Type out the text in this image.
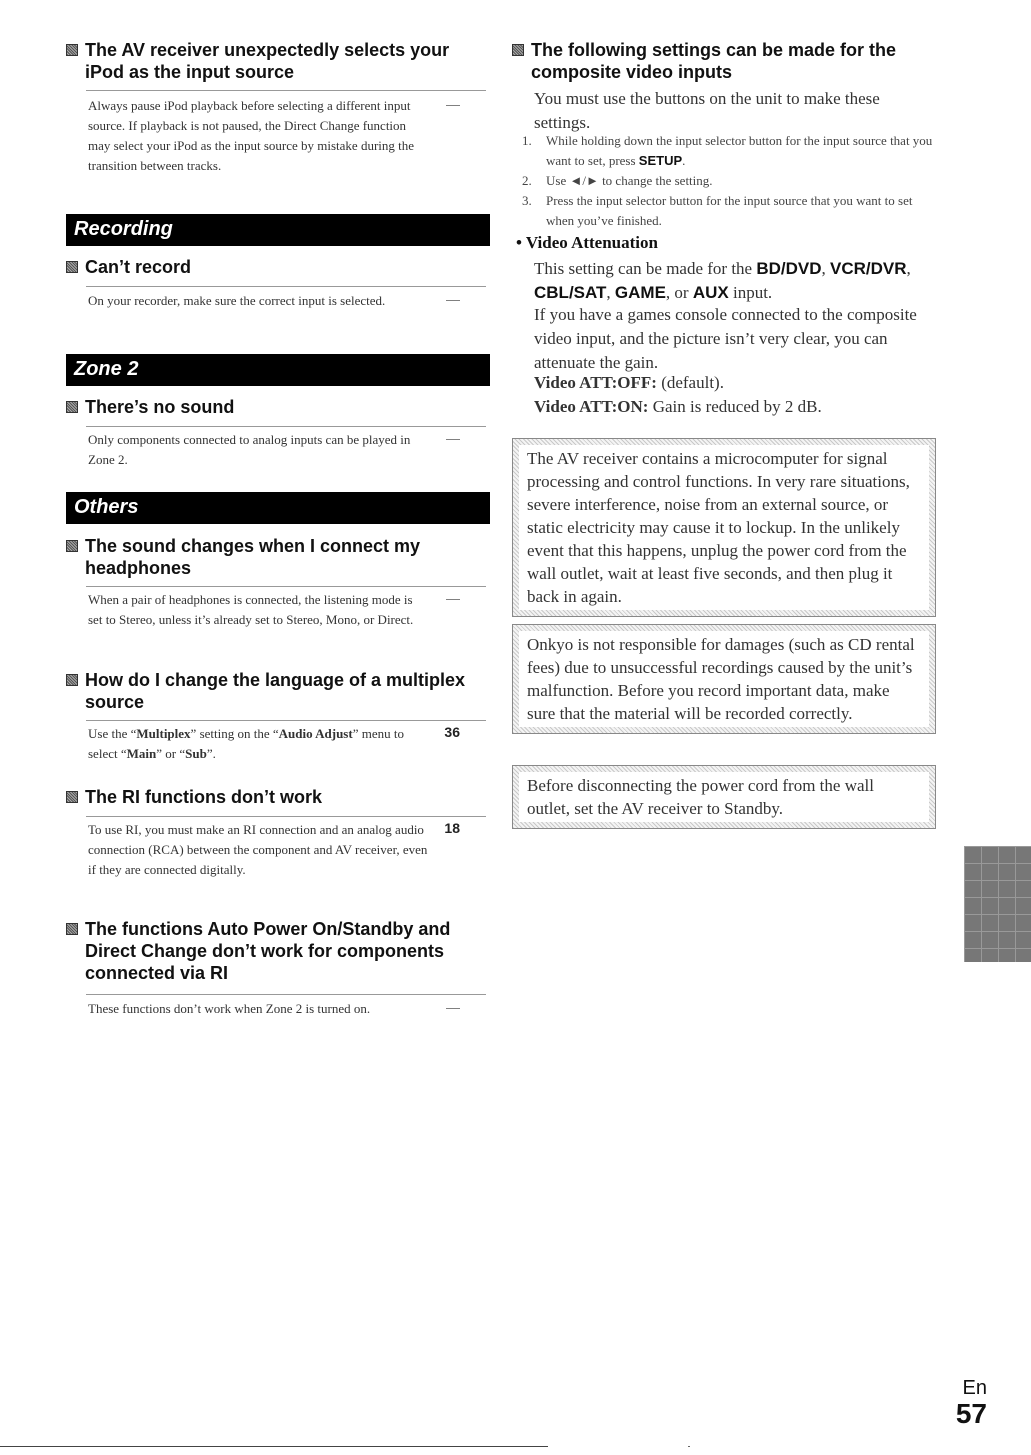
The AV receiver unexpectedly selects your iPod as the input source
Always pause iPod playback before selecting a different input source. If playback is not paused, the Direct Change function may select your iPod as the input source by mistake during the transition between tracks.
—
Recording
Can’t record
On your recorder, make sure the correct input is selected.	—
Zone 2
There’s no sound
Only components connected to analog inputs can be played in Zone 2.
—
Others
The sound changes when I connect my headphones
When a pair of headphones is connected, the listening mode is set to Stereo, unless it’s already set to Stereo, Mono, or Direct.
—
How do I change the language of a multiplex source
Use the “Multiplex” setting on the “Audio Adjust” menu to select “Main” or “Sub”.
36
The RI functions don’t work
To use RI, you must make an RI connection and an analog audio connection (RCA) between the component and AV receiver, even if they are connected digitally.
18
The functions Auto Power On/Standby and Direct Change don’t work for components connected via RI
These functions don’t work when Zone 2 is turned on.	—
The following settings can be made for the composite video inputs
You must use the buttons on the unit to make these settings.
1. While holding down the input selector button for the input source that you want to set, press SETUP.
2. Use ◄/► to change the setting.
3. Press the input selector button for the input source that you want to set when you’ve finished.
• Video Attenuation
This setting can be made for the BD/DVD, VCR/DVR, CBL/SAT, GAME, or AUX input.
If you have a games console connected to the composite video input, and the picture isn’t very clear, you can attenuate the gain.
Video ATT:OFF: (default).
Video ATT:ON: Gain is reduced by 2 dB.
The AV receiver contains a microcomputer for signal processing and control functions. In very rare situations, severe interference, noise from an external source, or static electricity may cause it to lockup. In the unlikely event that this happens, unplug the power cord from the wall outlet, wait at least five seconds, and then plug it back in again.
Onkyo is not responsible for damages (such as CD rental fees) due to unsuccessful recordings caused by the unit’s malfunction. Before you record important data, make sure that the material will be recorded correctly.
Before disconnecting the power cord from the wall outlet, set the AV receiver to Standby.
En
57
